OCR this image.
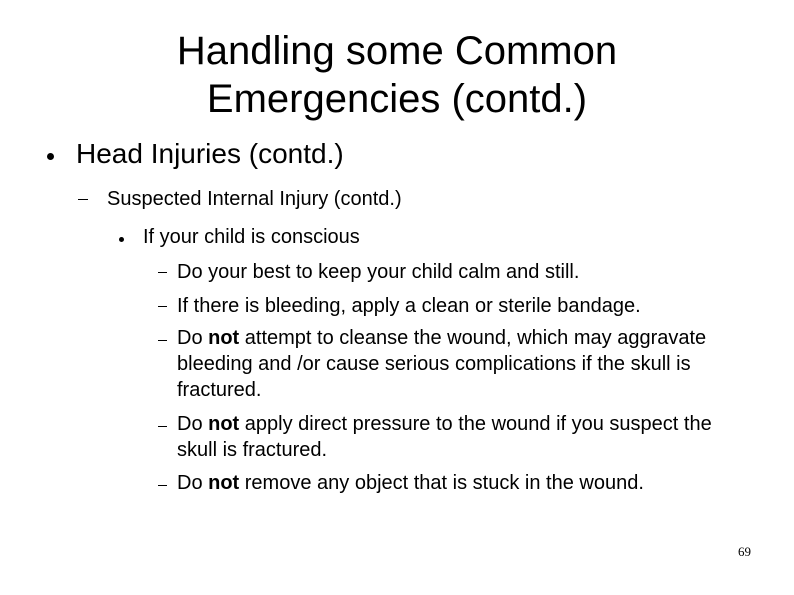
Handling some Common
Emergencies (contd.)
Head Injuries (contd.)
Suspected Internal Injury (contd.)
If your child is conscious
Do your best to keep your child calm and still.
If there is bleeding, apply a clean or sterile bandage.
Do not attempt to cleanse the wound, which may aggravate bleeding and /or cause serious complications if the skull is fractured.
Do not apply direct pressure to the wound if you suspect the skull is fractured.
Do not remove any object that is stuck in the wound.
69
